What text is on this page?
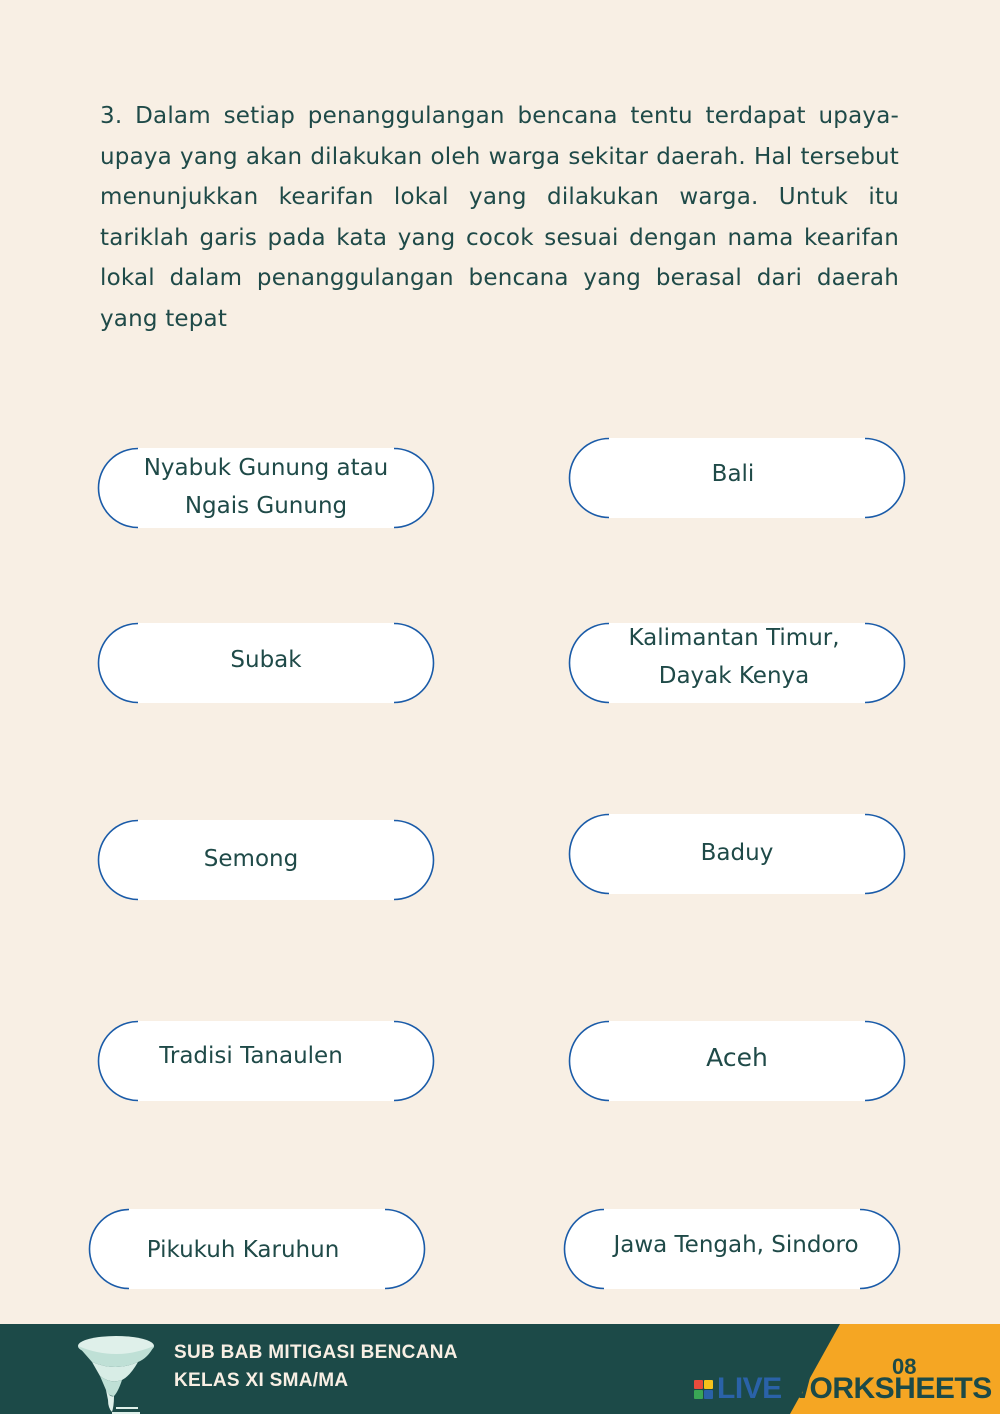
3. Dalam setiap penanggulangan bencana tentu terdapat upaya-upaya yang akan dilakukan oleh warga sekitar daerah. Hal tersebut menunjukkan kearifan lokal yang dilakukan warga. Untuk itu tariklah garis pada kata yang cocok sesuai dengan nama kearifan lokal dalam penanggulangan bencana yang berasal dari daerah yang tepat

Nyabuk Gunung atau Ngais Gunung
Subak
Semong
Tradisi Tanaulen
Pikukuh Karuhun
Bali
Kalimantan Timur, Dayak Kenya
Baduy
Aceh
Jawa Tengah, Sindoro
SUB BAB MITIGASI BENCANA
KELAS XI SMA/MA
08
LIVEWORKSHEETS
